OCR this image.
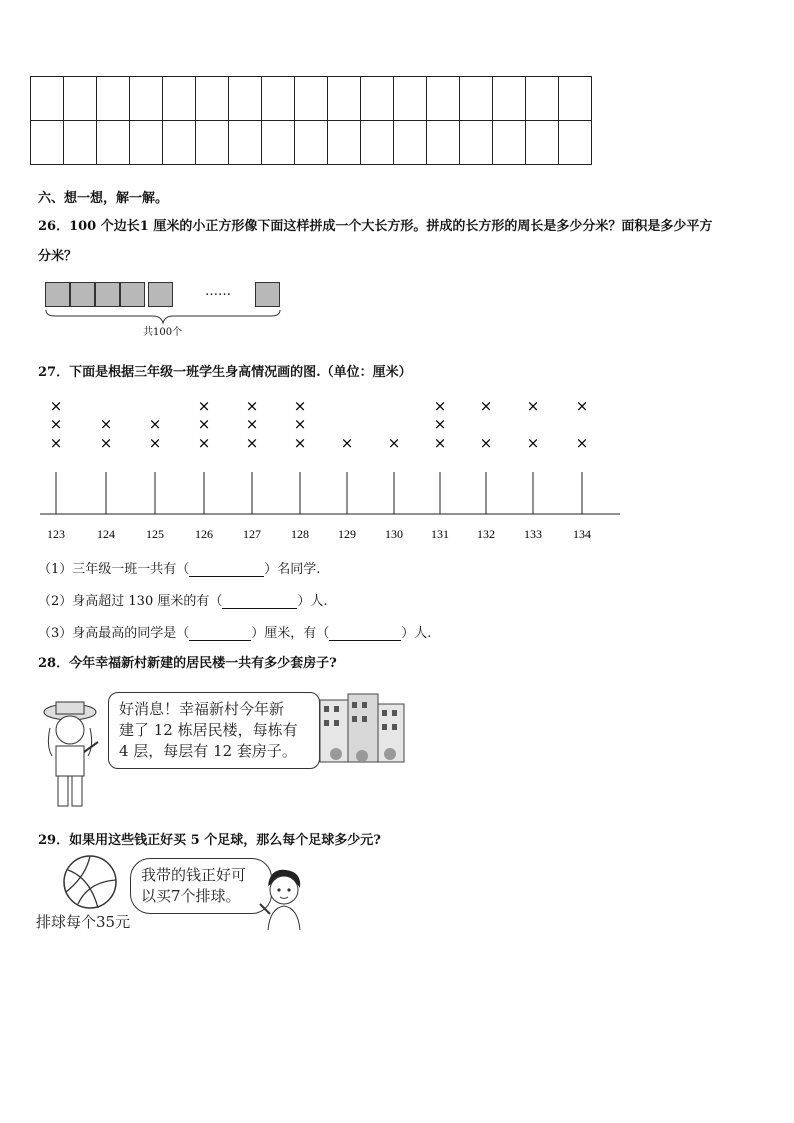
六、想一想，解一解。
26．100 个边长1 厘米的小正方形像下面这样拼成一个大长方形。拼成的长方形的周长是多少分米？面积是多少平方
分米？
……
共100个
27．下面是根据三年级一班学生身高情况画的图.（单位：厘米）
123
×
×
×
124
×
×
125
×
×
126
×
×
×
127
×
×
×
128
×
×
×
129
×
130
×
131
×
×
×
132
×
×
133
×
×
134
×
×
（1）三年级一班一共有（	）名同学.
（2）身高超过 130 厘米的有（	）人.
（3）身高最高的同学是（	）厘米，有（	）人.
28．今年幸福新村新建的居民楼一共有多少套房子?
好消息！幸福新村今年新
建了 12 栋居民楼，每栋有
4 层，每层有 12 套房子。
29．如果用这些钱正好买 5 个足球，那么每个足球多少元?
排球每个35元
我带的钱正好可
以买7个排球。
